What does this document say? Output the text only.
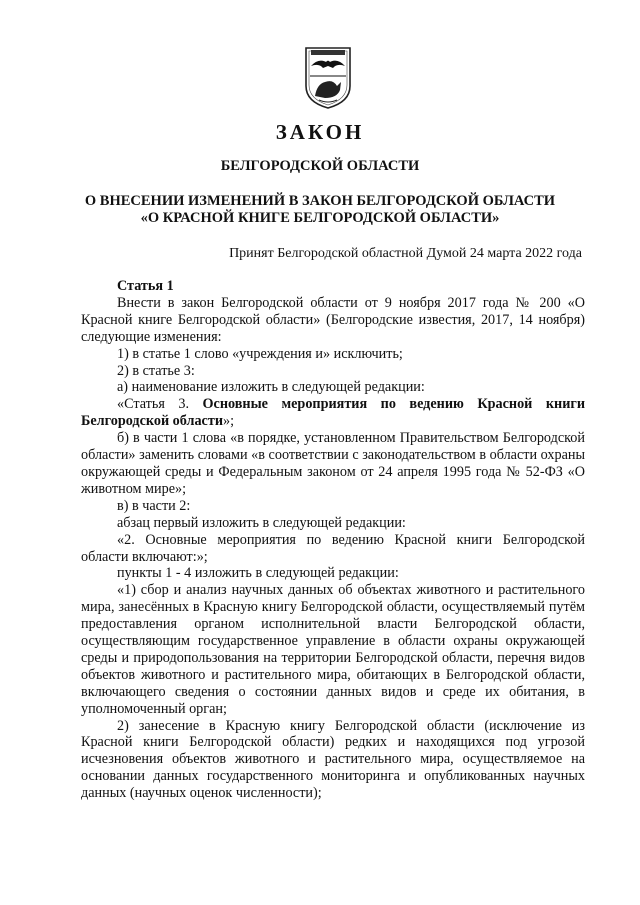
ЗАКОН
БЕЛГОРОДСКОЙ ОБЛАСТИ
О ВНЕСЕНИИ ИЗМЕНЕНИЙ В ЗАКОН БЕЛГОРОДСКОЙ ОБЛАСТИ
«О КРАСНОЙ КНИГЕ БЕЛГОРОДСКОЙ ОБЛАСТИ»
Принят Белгородской областной Думой 24 марта 2022 года

Статья 1

Внести в закон Белгородской области от 9 ноября 2017 года № 200 «О Красной книге Белгородской области» (Белгородские известия, 2017, 14 ноября) следующие изменения:

1) в статье 1 слово «учреждения и» исключить;

2) в статье 3:

а) наименование изложить в следующей редакции:

«Статья 3. Основные мероприятия по ведению Красной книги Белгородской области»;

б) в части 1 слова «в порядке, установленном Правительством Белгородской области» заменить словами «в соответствии с законодательством в области охраны окружающей среды и Федеральным законом от 24 апреля 1995 года № 52-ФЗ «О животном мире»;

в) в части 2:

абзац первый изложить в следующей редакции:

«2. Основные мероприятия по ведению Красной книги Белгородской области включают:»;

пункты 1 - 4 изложить в следующей редакции:

«1) сбор и анализ научных данных об объектах животного и растительного мира, занесённых в Красную книгу Белгородской области, осуществляемый путём предоставления органом исполнительной власти Белгородской области, осуществляющим государственное управление в области охраны окружающей среды и природопользования на территории Белгородской области, перечня видов объектов животного и растительного мира, обитающих в Белгородской области, включающего сведения о состоянии данных видов и среде их обитания, в уполномоченный орган;

2) занесение в Красную книгу Белгородской области (исключение из Красной книги Белгородской области) редких и находящихся под угрозой исчезновения объектов животного и растительного мира, осуществляемое на основании данных государственного мониторинга и опубликованных научных данных (научных оценок численности);
